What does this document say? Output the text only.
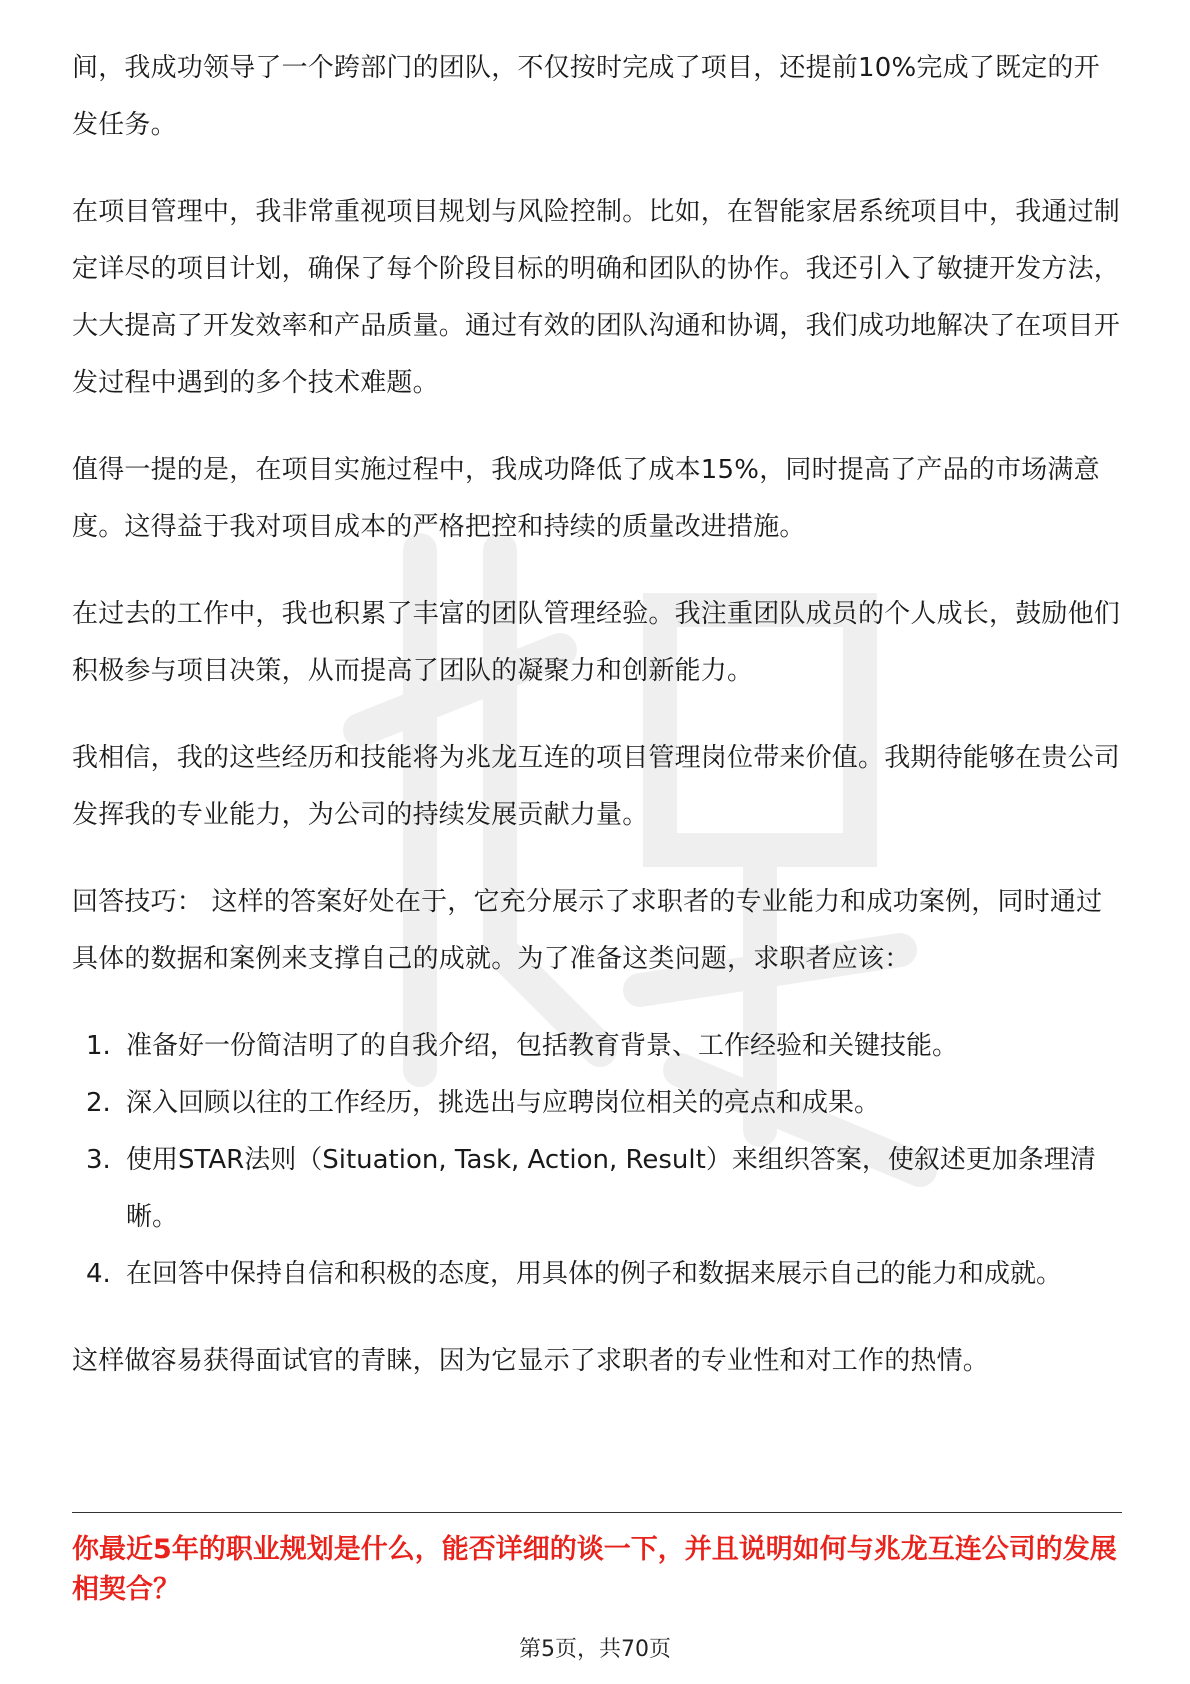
间，我成功领导了一个跨部门的团队，不仅按时完成了项目，还提前10%完成了既定的开发任务。

在项目管理中，我非常重视项目规划与风险控制。比如，在智能家居系统项目中，我通过制定详尽的项目计划，确保了每个阶段目标的明确和团队的协作。我还引入了敏捷开发方法，大大提高了开发效率和产品质量。通过有效的团队沟通和协调，我们成功地解决了在项目开发过程中遇到的多个技术难题。

值得一提的是，在项目实施过程中，我成功降低了成本15%，同时提高了产品的市场满意度。这得益于我对项目成本的严格把控和持续的质量改进措施。

在过去的工作中，我也积累了丰富的团队管理经验。我注重团队成员的个人成长，鼓励他们积极参与项目决策，从而提高了团队的凝聚力和创新能力。

我相信，我的这些经历和技能将为兆龙互连的项目管理岗位带来价值。我期待能够在贵公司发挥我的专业能力，为公司的持续发展贡献力量。

回答技巧： 这样的答案好处在于，它充分展示了求职者的专业能力和成功案例，同时通过具体的数据和案例来支撑自己的成就。为了准备这类问题，求职者应该：

1. 准备好一份简洁明了的自我介绍，包括教育背景、工作经验和关键技能。
2. 深入回顾以往的工作经历，挑选出与应聘岗位相关的亮点和成果。
3. 使用STAR法则（Situation, Task, Action, Result）来组织答案，使叙述更加条理清晰。
4. 在回答中保持自信和积极的态度，用具体的例子和数据来展示自己的能力和成就。

这样做容易获得面试官的青睐，因为它显示了求职者的专业性和对工作的热情。

你最近5年的职业规划是什么，能否详细的谈一下，并且说明如何与兆龙互连公司的发展相契合？
第5页，共70页
